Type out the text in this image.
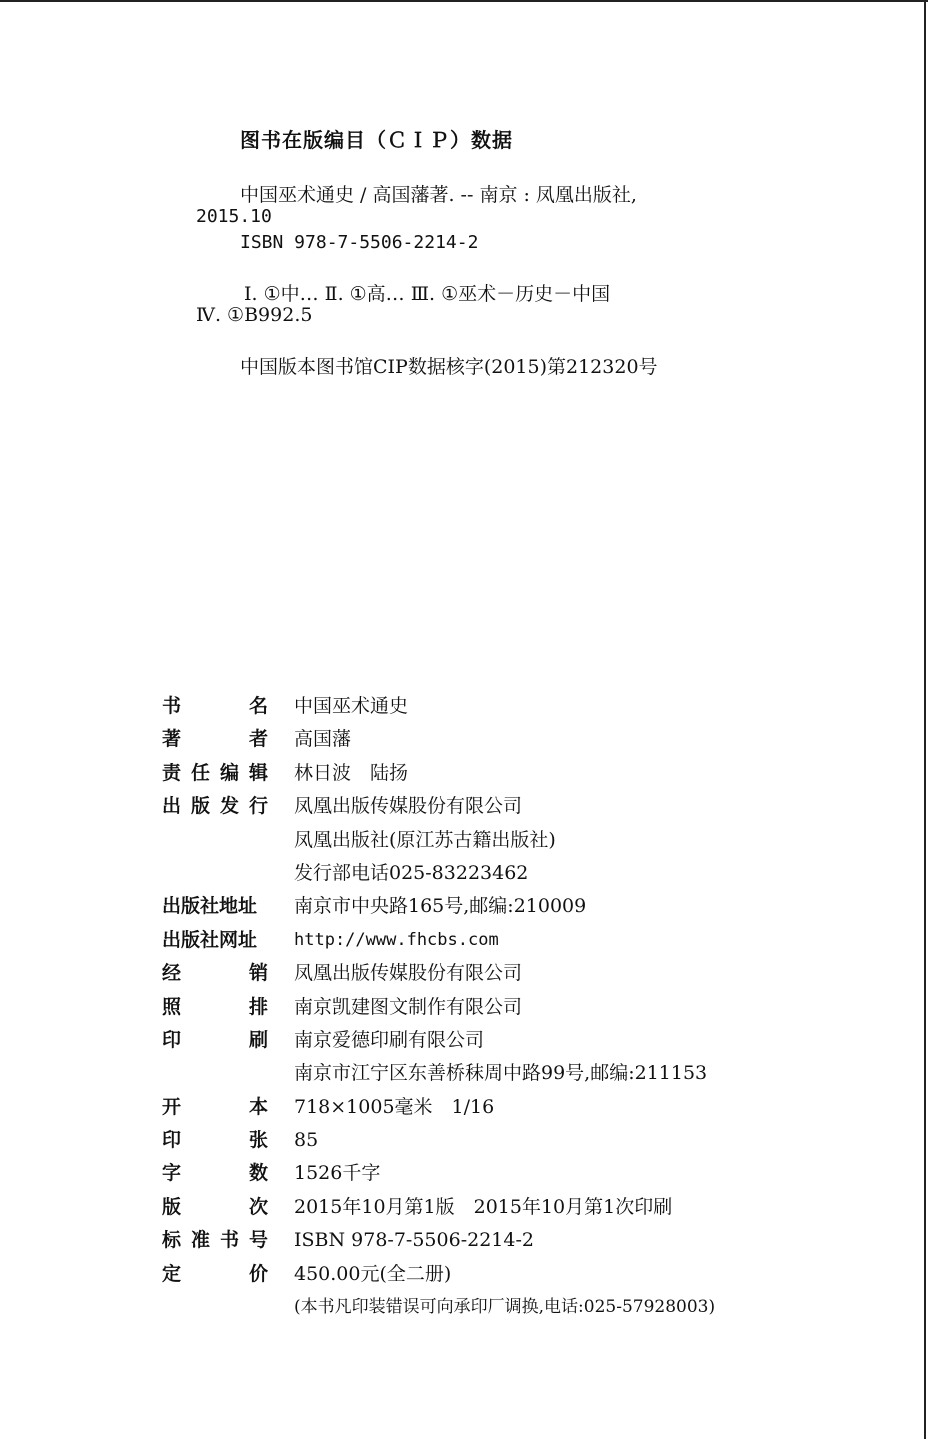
图书在版编目（ＣＩＰ）数据
中国巫术通史 / 高国藩著. -- 南京 : 凤凰出版社,
2015.10
ISBN 978-7-5506-2214-2
Ⅰ. ①中… Ⅱ. ①高… Ⅲ. ①巫术－历史－中国
Ⅳ. ①B992.5
中国版本图书馆CIP数据核字(2015)第212320号
书	名 中国巫术通史
著	者 高国藩
责 任 编 辑 林日波　陆扬
出 版 发 行 凤凰出版传媒股份有限公司
凤凰出版社(原江苏古籍出版社)
发行部电话025-83223462
出版社地址 南京市中央路165号,邮编:210009
出版社网址 http://www.fhcbs.com
经	销 凤凰出版传媒股份有限公司
照	排 南京凯建图文制作有限公司
印	刷 南京爱德印刷有限公司
南京市江宁区东善桥秣周中路99号,邮编:211153
开	本 718×1005毫米　1/16
印	张 85
字	数 1526千字
版	次 2015年10月第1版　2015年10月第1次印刷
标 准 书 号 ISBN 978-7-5506-2214-2
定	价 450.00元(全二册)
(本书凡印装错误可向承印厂调换,电话:025-57928003)
